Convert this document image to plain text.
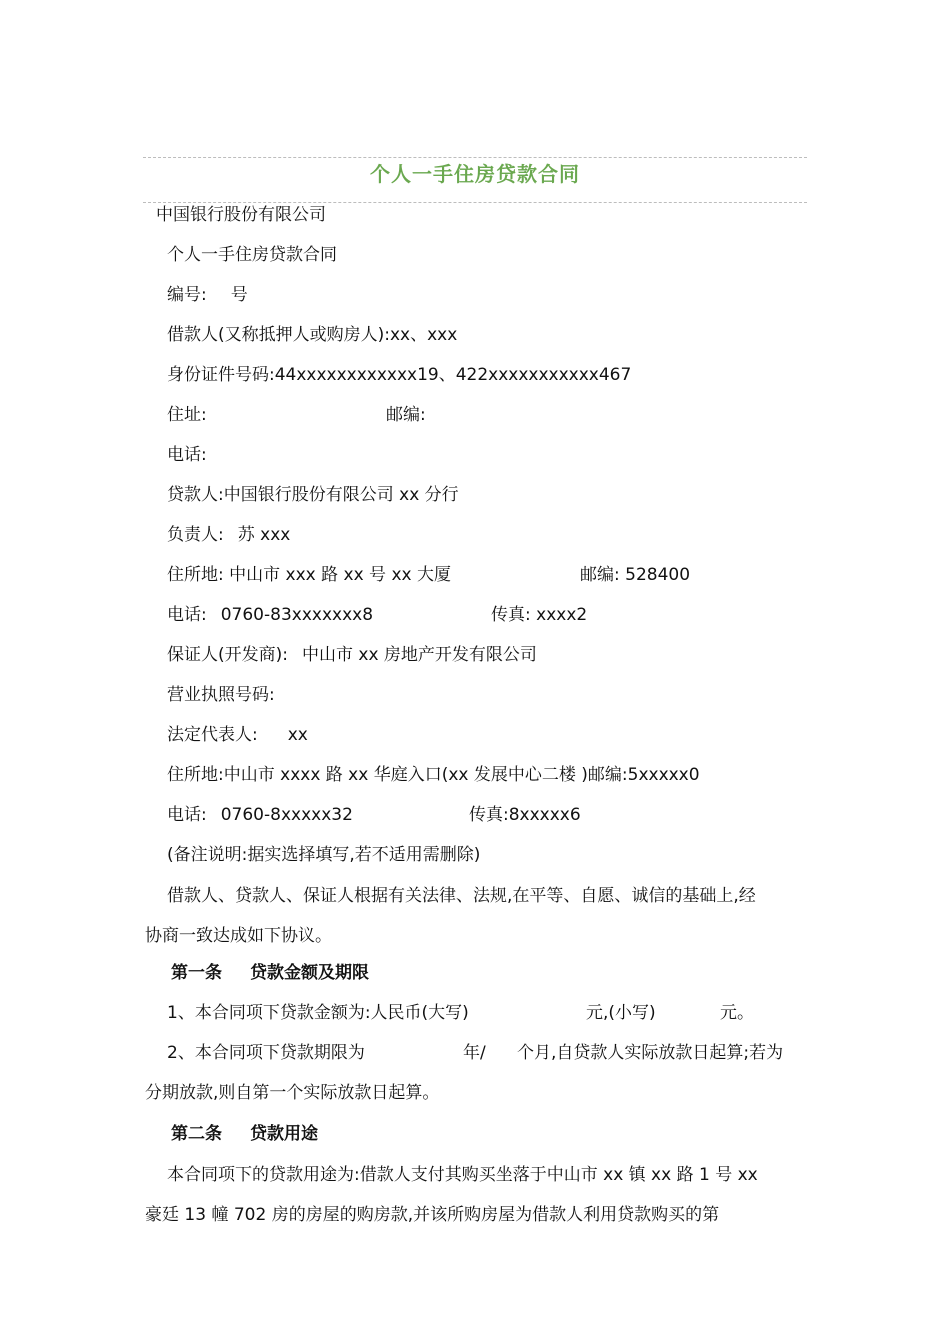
个人一手住房贷款合同
中国银行股份有限公司
个人一手住房贷款合同
编号: 号
借款人(又称抵押人或购房人):xx、xxx
身份证件号码:44xxxxxxxxxxxx19、422xxxxxxxxxxx467
住址:	邮编:
电话:
贷款人:中国银行股份有限公司 xx 分行
负责人: 苏 xxx
住所地: 中山市 xxx 路 xx 号 xx 大厦	邮编: 528400
电话: 0760-83xxxxxxx8	传真: xxxx2
保证人(开发商): 中山市 xx 房地产开发有限公司
营业执照号码:
法定代表人: xx
住所地:中山市 xxxx 路 xx 华庭入口(xx 发展中心二楼 )邮编:5xxxxx0
电话: 0760-8xxxxx32	传真:8xxxxx6
(备注说明:据实选择填写,若不适用需删除)
借款人、贷款人、保证人根据有关法律、法规,在平等、自愿、诚信的基础上,经
协商一致达成如下协议。
第一条 贷款金额及期限
1、本合同项下贷款金额为:人民币(大写)	元,(小写)	元。
2、本合同项下贷款期限为	年/ 个月,自贷款人实际放款日起算;若为
分期放款,则自第一个实际放款日起算。
第二条 贷款用途
本合同项下的贷款用途为:借款人支付其购买坐落于中山市 xx 镇 xx 路 1 号 xx
豪廷 13 幢 702 房的房屋的购房款,并该所购房屋为借款人利用贷款购买的第
